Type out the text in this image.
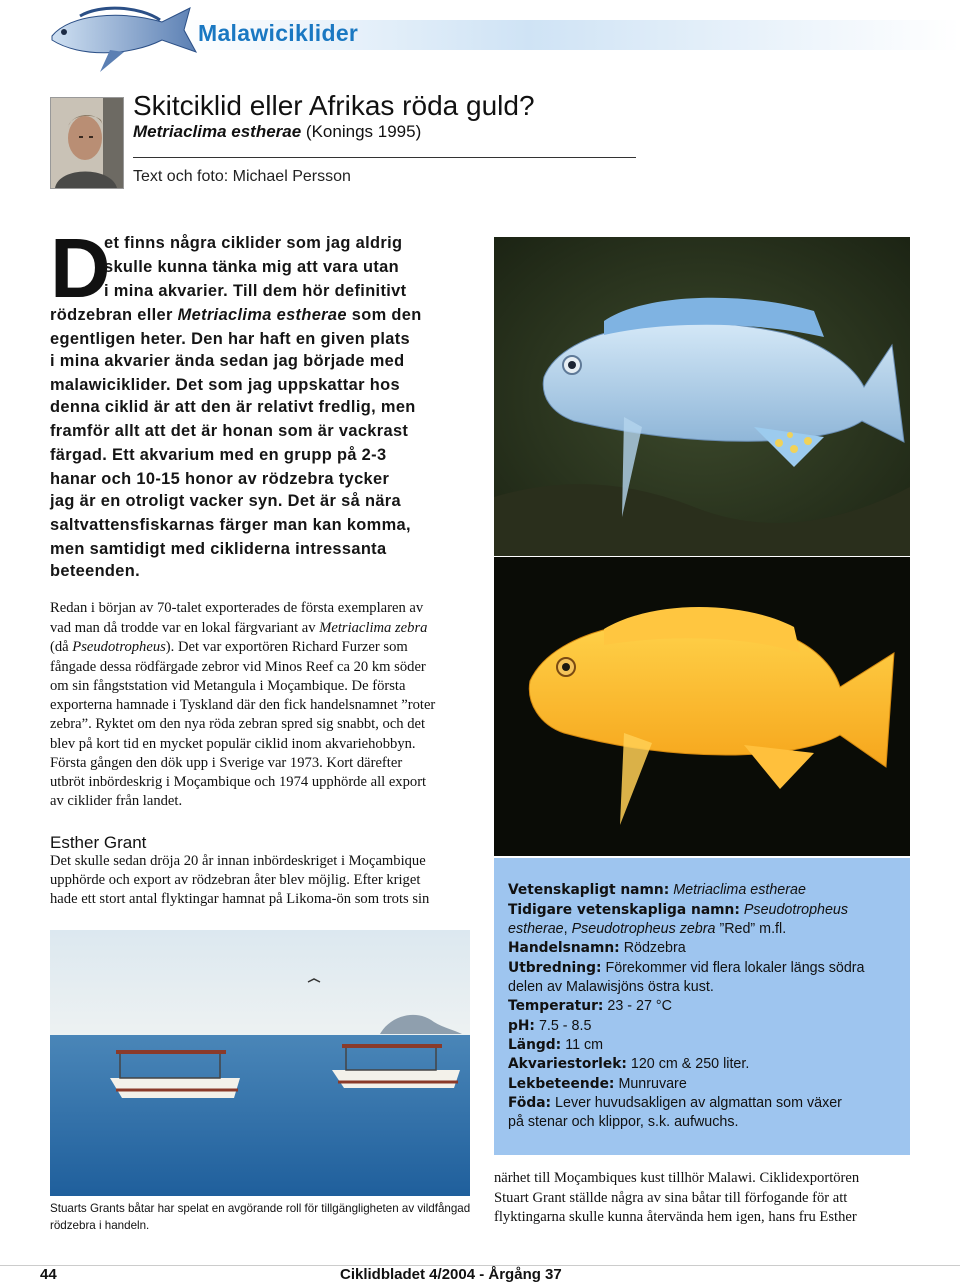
Malawiciklider
Skitciklid eller Afrikas röda guld?
Metriaclima estherae (Konings 1995)
Text och foto: Michael Persson
D
et finns några ciklider som jag aldrig
skulle kunna tänka mig att vara utan
i mina akvarier. Till dem hör definitivt
rödzebran eller Metriaclima estherae som den
egentligen heter. Den har haft en given plats
i mina akvarier ända sedan jag började med
malawiciklider. Det som jag uppskattar hos
denna ciklid är att den är relativt fredlig, men
framför allt att det är honan som är vackrast
färgad. Ett akvarium med en grupp på 2-3
hanar och 10-15 honor av rödzebra tycker
jag är en otroligt vacker syn. Det är så nära
saltvattensfiskarnas färger man kan komma,
men samtidigt med cikliderna intressanta
beteenden.
Redan i början av 70-talet exporterades de första exemplaren av
vad man då trodde var en lokal färgvariant av Metriaclima zebra
(då Pseudotropheus). Det var exportören Richard Furzer som
fångade dessa rödfärgade zebror vid Minos Reef ca 20 km söder
om sin fångststation vid Metangula i Moçambique. De första
exporterna hamnade i Tyskland där den fick handelsnamnet ”roter
zebra”. Ryktet om den nya röda zebran spred sig snabbt, och det
blev på kort tid en mycket populär ciklid inom akvariehobbyn.
Första gången den dök upp i Sverige var 1973. Kort därefter
utbröt inbördeskrig i Moçambique och 1974 upphörde all export
av ciklider från landet.
Esther Grant
Det skulle sedan dröja 20 år innan inbördeskriget i Moçambique
upphörde och export av rödzebran åter blev möjlig. Efter kriget
hade ett stort antal flyktingar hamnat på Likoma-ön som trots sin
Stuarts Grants båtar har spelat en avgörande roll för tillgängligheten av vildfångad rödzebra i handeln.
Vetenskapligt namn: Metriaclima estherae
Tidigare vetenskapliga namn: Pseudotropheus
estherae, Pseudotropheus zebra ”Red” m.fl.
Handelsnamn: Rödzebra
Utbredning: Förekommer vid flera lokaler längs södra
delen av Malawisjöns östra kust.
Temperatur: 23 - 27 °C
pH: 7.5 - 8.5
Längd: 11 cm
Akvariestorlek: 120 cm & 250 liter.
Lekbeteende: Munruvare
Föda: Lever huvudsakligen av algmattan som växer
på stenar och klippor, s.k. aufwuchs.
närhet till Moçambiques kust tillhör Malawi. Ciklidexportören
Stuart Grant ställde några av sina båtar till förfogande för att
flyktingarna skulle kunna återvända hem igen, hans fru Esther
44	Ciklidbladet 4/2004 - Årgång 37
